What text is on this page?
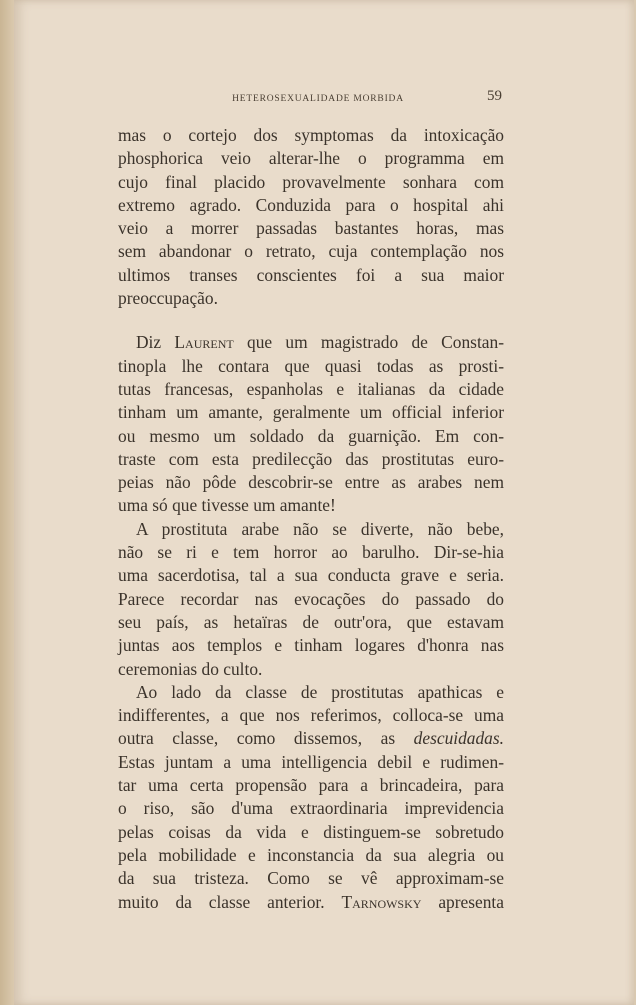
HETEROSEXUALIDADE MORBIDA	59
mas o cortejo dos symptomas da intoxicação
phosphorica veio alterar-lhe o programma em
cujo final placido provavelmente sonhara com
extremo agrado. Conduzida para o hospital ahi
veio a morrer passadas bastantes horas, mas
sem abandonar o retrato, cuja contemplação nos
ultimos transes conscientes foi a sua maior
preoccupação.
Diz Laurent que um magistrado de Constan-
tinopla lhe contara que quasi todas as prosti-
tutas francesas, espanholas e italianas da cidade
tinham um amante, geralmente um official inferior
ou mesmo um soldado da guarnição. Em con-
traste com esta predilecção das prostitutas euro-
peias não pôde descobrir-se entre as arabes nem
uma só que tivesse um amante!
A prostituta arabe não se diverte, não bebe,
não se ri e tem horror ao barulho. Dir-se-hia
uma sacerdotisa, tal a sua conducta grave e seria.
Parece recordar nas evocações do passado do
seu país, as hetaïras de outr'ora, que estavam
juntas aos templos e tinham logares d'honra nas
ceremonias do culto.
Ao lado da classe de prostitutas apathicas e
indifferentes, a que nos referimos, colloca-se uma
outra classe, como dissemos, as descuidadas.
Estas juntam a uma intelligencia debil e rudimen-
tar uma certa propensão para a brincadeira, para
o riso, são d'uma extraordinaria imprevidencia
pelas coisas da vida e distinguem-se sobretudo
pela mobilidade e inconstancia da sua alegria ou
da sua tristeza. Como se vê approximam-se
muito da classe anterior. Tarnowsky apresenta
